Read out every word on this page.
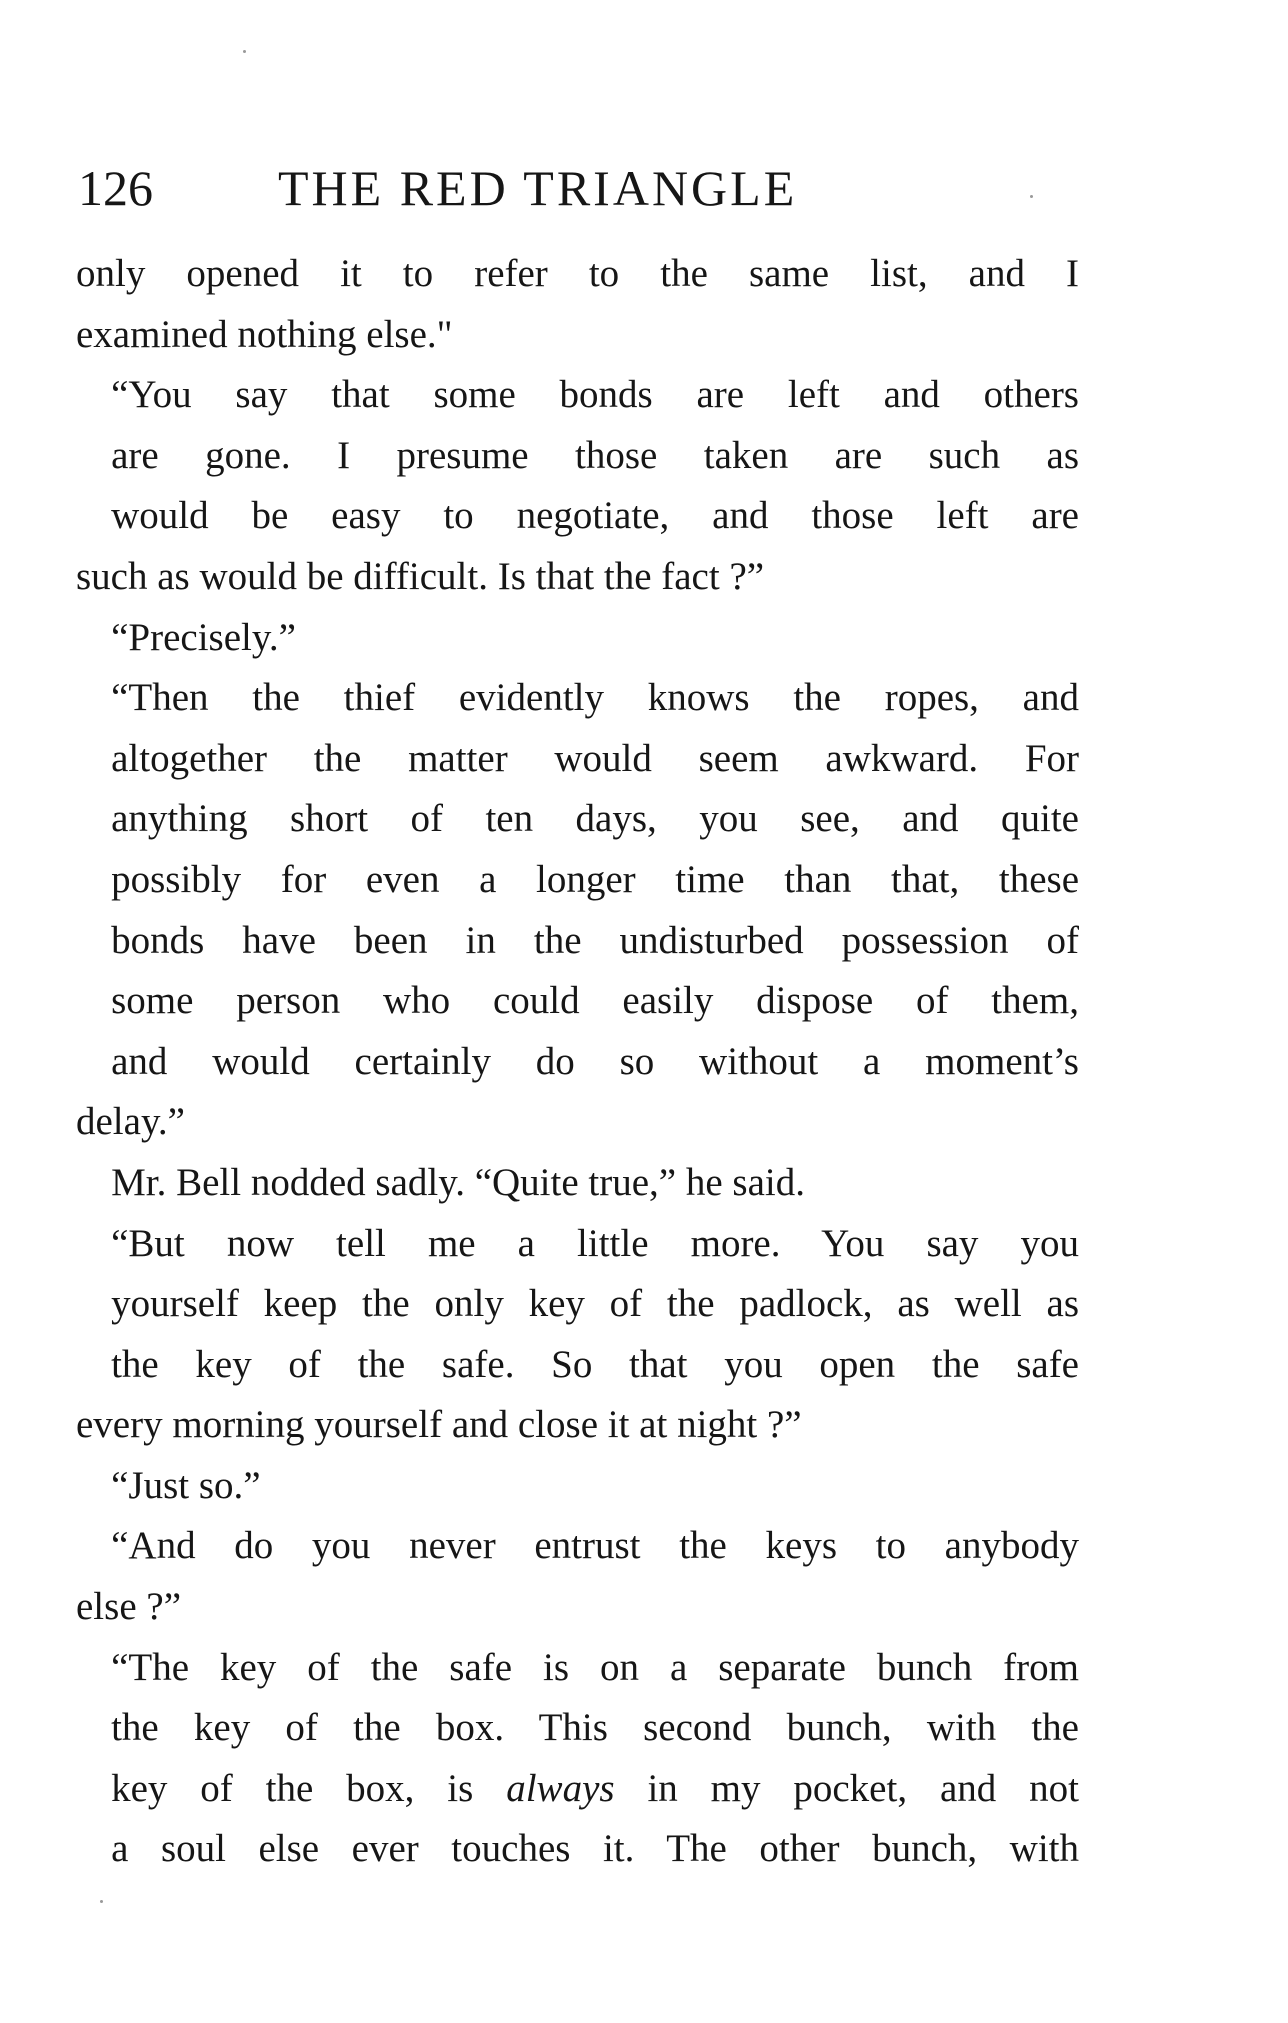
126	THE RED TRIANGLE

only opened it to refer to the same list, and I
examined nothing else."

“You say that some bonds are left and others
are gone. I presume those taken are such as
would be easy to negotiate, and those left are
such as would be difficult. Is that the fact ?”

“Precisely.”

“Then the thief evidently knows the ropes, and
altogether the matter would seem awkward. For
anything short of ten days, you see, and quite
possibly for even a longer time than that, these
bonds have been in the undisturbed possession of
some person who could easily dispose of them,
and would certainly do so without a moment’s
delay.”

Mr. Bell nodded sadly. “Quite true,” he said.

“But now tell me a little more. You say you
yourself keep the only key of the padlock, as well as
the key of the safe. So that you open the safe
every morning yourself and close it at night ?”

“Just so.”

“And do you never entrust the keys to anybody
else ?”

“The key of the safe is on a separate bunch from
the key of the box. This second bunch, with the
key of the box, is always in my pocket, and not
a soul else ever touches it. The other bunch, with
